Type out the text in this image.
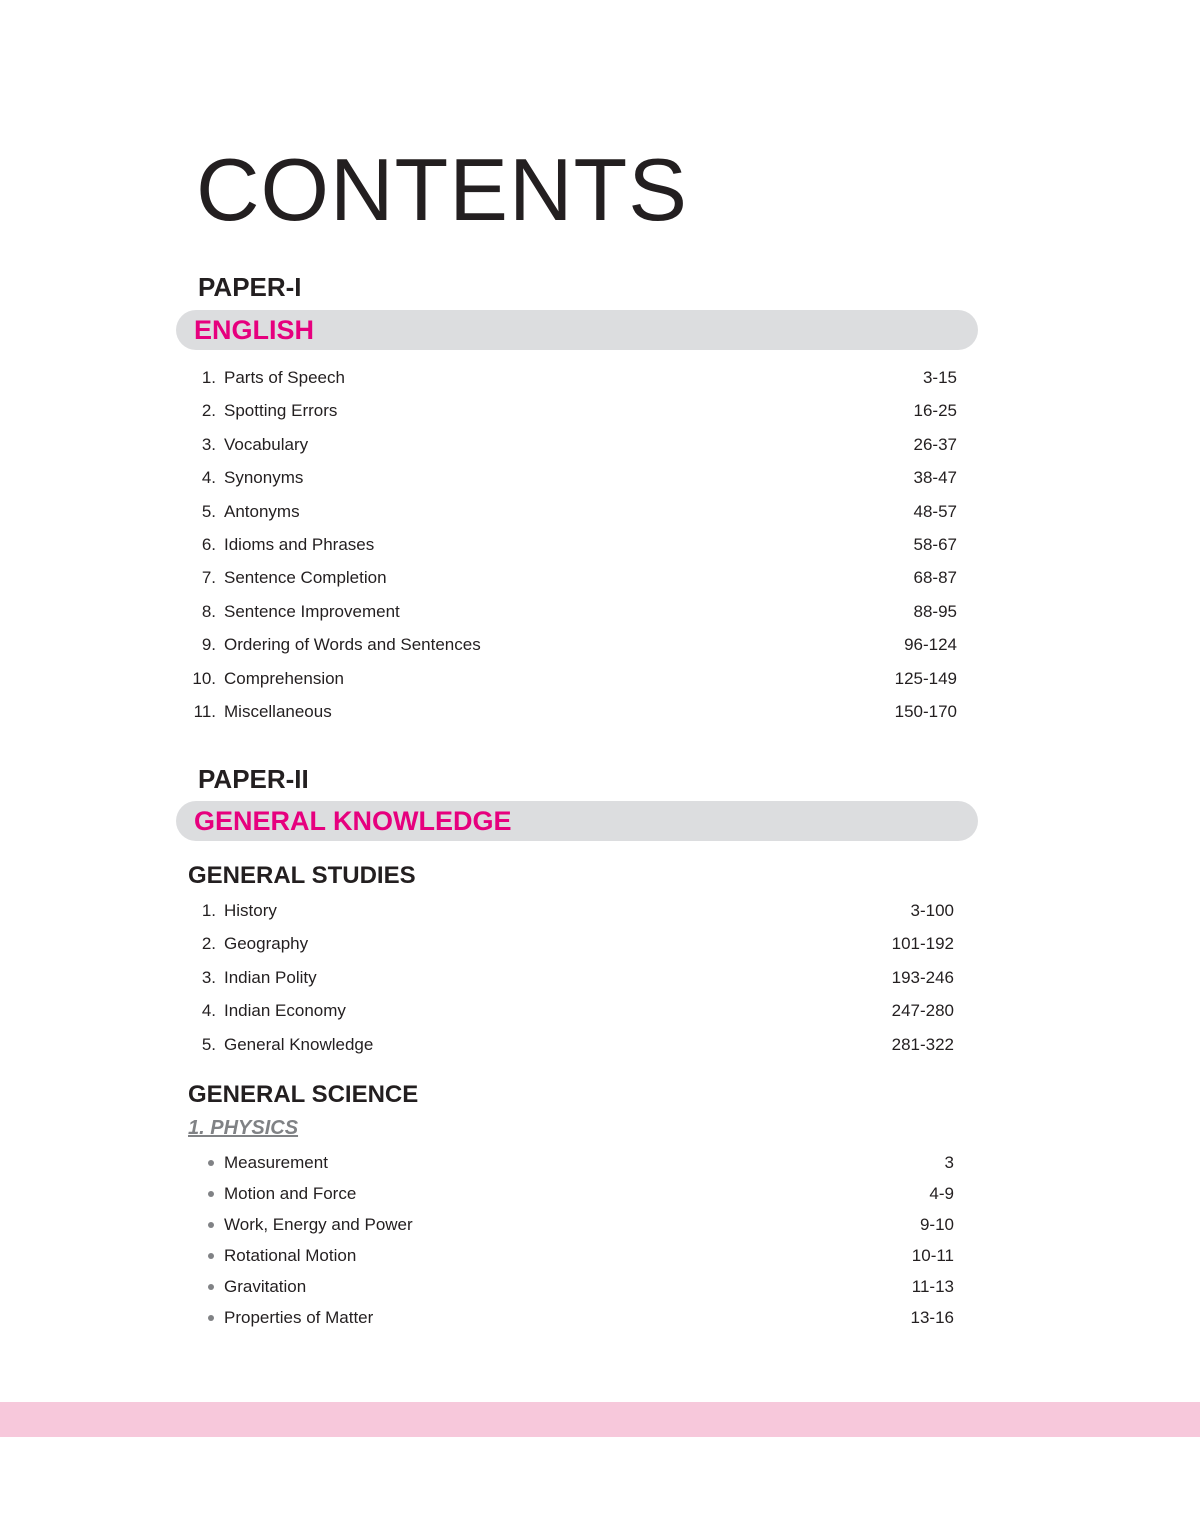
CONTENTS
PAPER-I
ENGLISH
1. Parts of Speech	3-15
2. Spotting Errors	16-25
3. Vocabulary	26-37
4. Synonyms	38-47
5. Antonyms	48-57
6. Idioms and Phrases	58-67
7. Sentence Completion	68-87
8. Sentence Improvement	88-95
9. Ordering of Words and Sentences	96-124
10. Comprehension	125-149
11. Miscellaneous	150-170
PAPER-II
GENERAL KNOWLEDGE
GENERAL STUDIES
1. History	3-100
2. Geography	101-192
3. Indian Polity	193-246
4. Indian Economy	247-280
5. General Knowledge	281-322
GENERAL SCIENCE
1. PHYSICS
Measurement	3
Motion and Force	4-9
Work, Energy and Power	9-10
Rotational Motion	10-11
Gravitation	11-13
Properties of Matter	13-16
